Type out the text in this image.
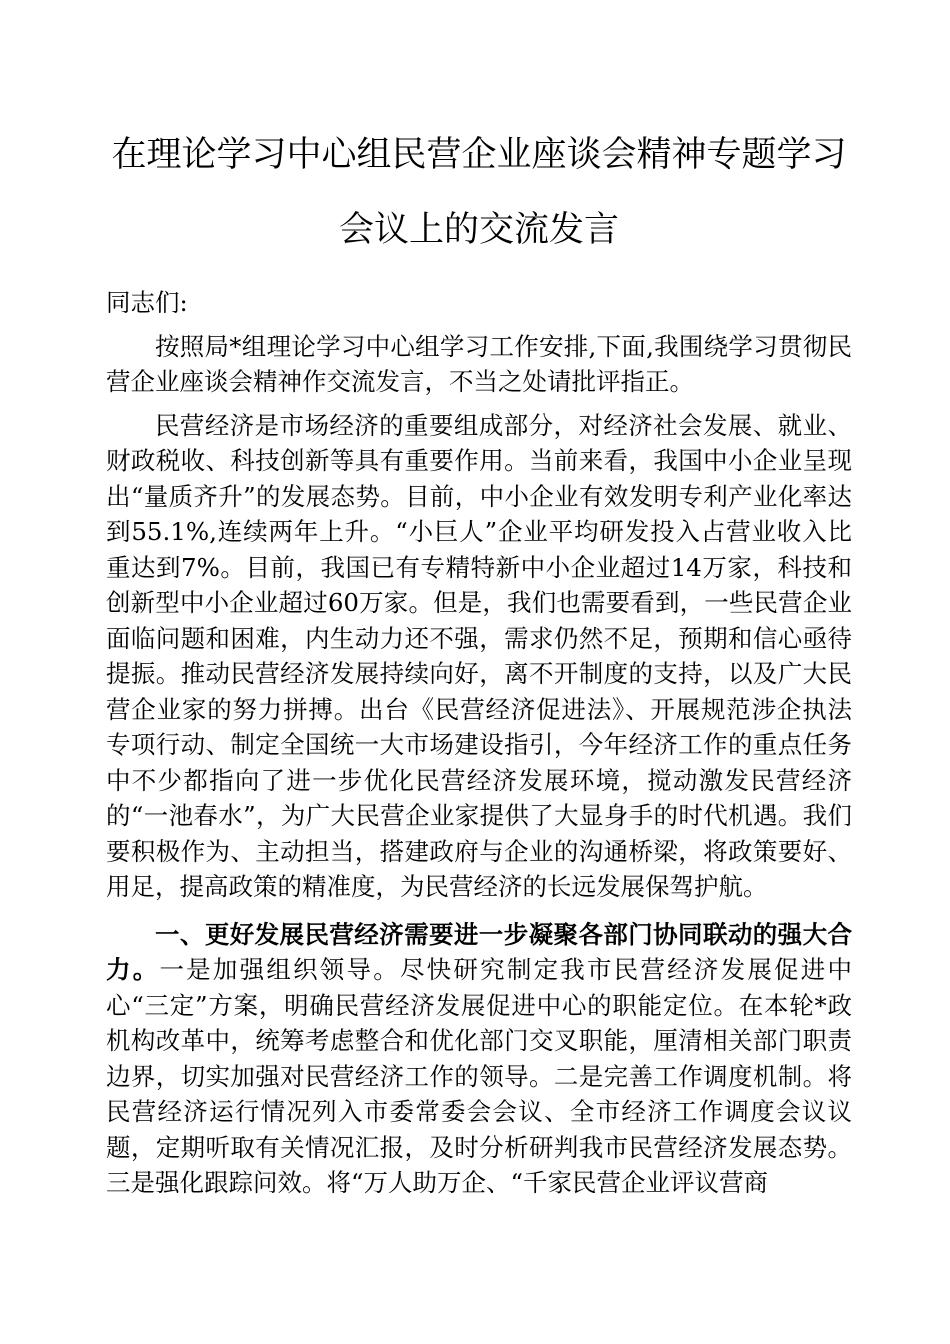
在理论学习中心组民营企业座谈会精神专题学习
会议上的交流发言

同志们:

按照局*组理论学习中心组学习工作安排,下面,我围绕学习贯彻民营企业座谈会精神作交流发言，不当之处请批评指正。

民营经济是市场经济的重要组成部分，对经济社会发展、就业、财政税收、科技创新等具有重要作用。当前来看，我国中小企业呈现出“量质齐升”的发展态势。目前，中小企业有效发明专利产业化率达到55.1%,连续两年上升。“小巨人”企业平均研发投入占营业收入比重达到7%。目前，我国已有专精特新中小企业超过14万家，科技和创新型中小企业超过60万家。但是，我们也需要看到，一些民营企业面临问题和困难，内生动力还不强，需求仍然不足，预期和信心亟待提振。推动民营经济发展持续向好，离不开制度的支持，以及广大民营企业家的努力拼搏。出台《民营经济促进法》、开展规范涉企执法专项行动、制定全国统一大市场建设指引，今年经济工作的重点任务中不少都指向了进一步优化民营经济发展环境，搅动激发民营经济的“一池春水”，为广大民营企业家提供了大显身手的时代机遇。我们要积极作为、主动担当，搭建政府与企业的沟通桥梁，将政策要好、用足，提高政策的精准度，为民营经济的长远发展保驾护航。

一、更好发展民营经济需要进一步凝聚各部门协同联动的强大合力。一是加强组织领导。尽快研究制定我市民营经济发展促进中心“三定”方案，明确民营经济发展促进中心的职能定位。在本轮*政机构改革中，统筹考虑整合和优化部门交叉职能，厘清相关部门职责边界，切实加强对民营经济工作的领导。二是完善工作调度机制。将民营经济运行情况列入市委常委会会议、全市经济工作调度会议议题，定期听取有关情况汇报，及时分析研判我市民营经济发展态势。三是强化跟踪问效。将“万人助万企、“千家民营企业评议营商
